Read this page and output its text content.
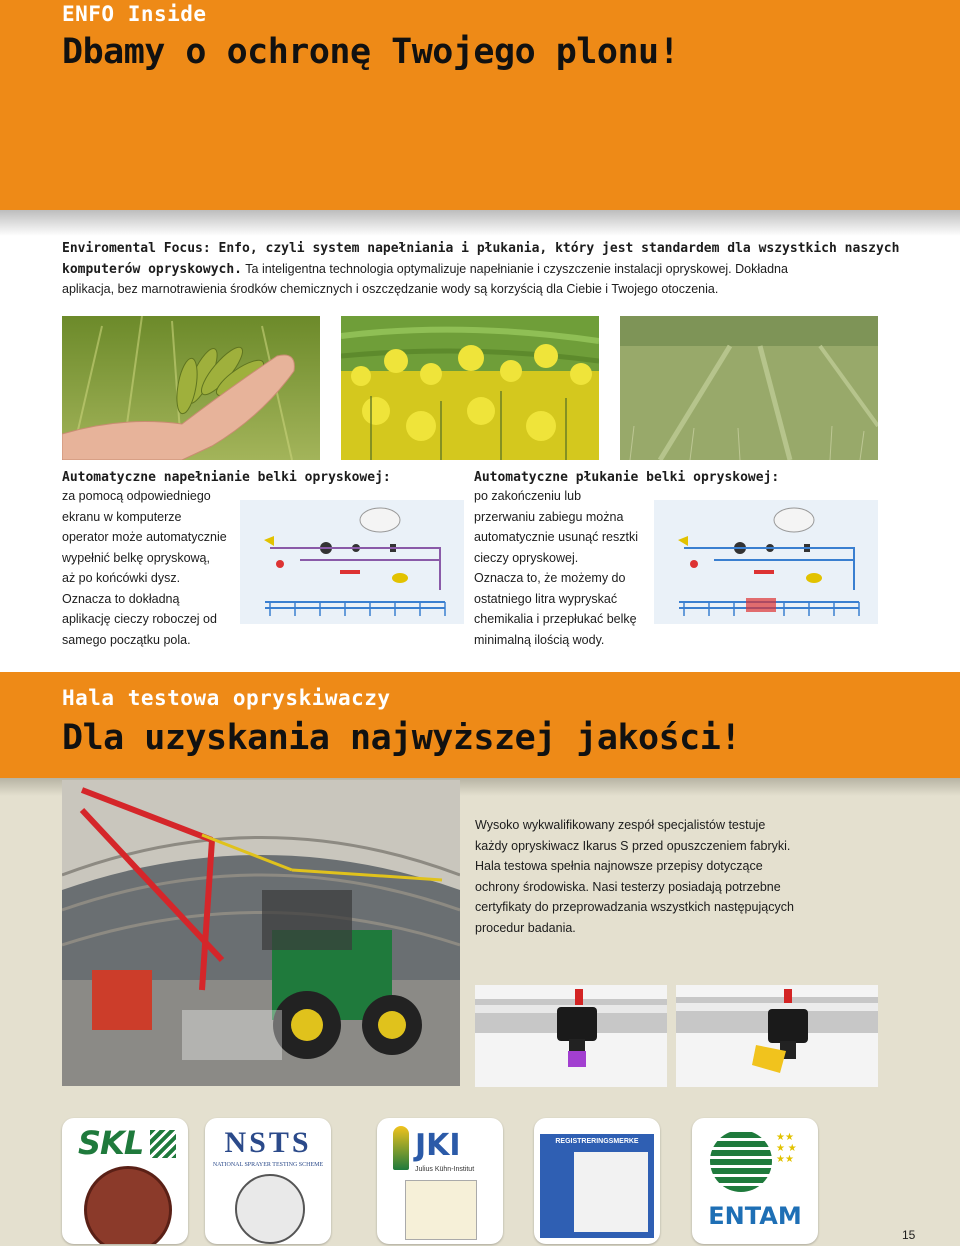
ENFO Inside
Dbamy o ochronę Twojego plonu!
Enviromental Focus: Enfo, czyli system napełniania i płukania, który jest standardem dla wszystkich naszych
komputerów opryskowych. Ta inteligentna technologia optymalizuje napełnianie i czyszczenie instalacji opryskowej. Dokładna
aplikacja, bez marnotrawienia środków chemicznych i oszczędzanie wody są korzyścią dla Ciebie i Twojego otoczenia.
Automatyczne napełnianie belki opryskowej:
za pomocą odpowiedniego
ekranu w komputerze
operator może automatycznie
wypełnić belkę opryskową,
aż po końcówki dysz.
Oznacza to dokładną
aplikację cieczy roboczej od
samego początku pola.
Automatyczne płukanie belki opryskowej:
po zakończeniu lub
przerwaniu zabiegu można
automatycznie usunąć resztki
cieczy opryskowej.
Oznacza to, że możemy do
ostatniego litra wypryskać
chemikalia i przepłukać belkę
minimalną ilością wody.
Hala testowa opryskiwaczy
Dla uzyskania najwyższej jakości!
Wysoko wykwalifikowany zespół specjalistów testuje
każdy opryskiwacz Ikarus S przed opuszczeniem fabryki.
Hala testowa spełnia najnowsze przepisy dotyczące
ochrony środowiska. Nasi testerzy posiadają potrzebne
certyfikaty do przeprowadzania wszystkich następujących
procedur badania.
SKL	NSTS
NATIONAL SPRAYER TESTING SCHEME
JKI
Julius Kühn-Institut
REGISTRERINGSMERKE	★★
★ ★
★★
ENTAM
15
